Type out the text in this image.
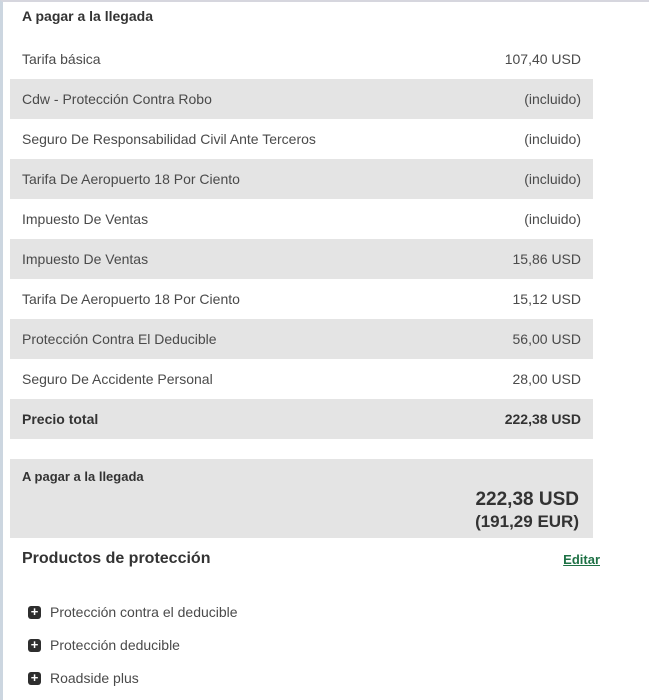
A pagar a la llegada
Tarifa básica	107,40 USD
Cdw - Protección Contra Robo	(incluido)
Seguro De Responsabilidad Civil Ante Terceros	(incluido)
Tarifa De Aeropuerto 18 Por Ciento	(incluido)
Impuesto De Ventas	(incluido)
Impuesto De Ventas	15,86 USD
Tarifa De Aeropuerto 18 Por Ciento	15,12 USD
Protección Contra El Deducible	56,00 USD
Seguro De Accidente Personal	28,00 USD
Precio total	222,38 USD
A pagar a la llegada
222,38 USD
(191,29 EUR)
Productos de protección	Editar
+ Protección contra el deducible
+ Protección deducible
+ Roadside plus
